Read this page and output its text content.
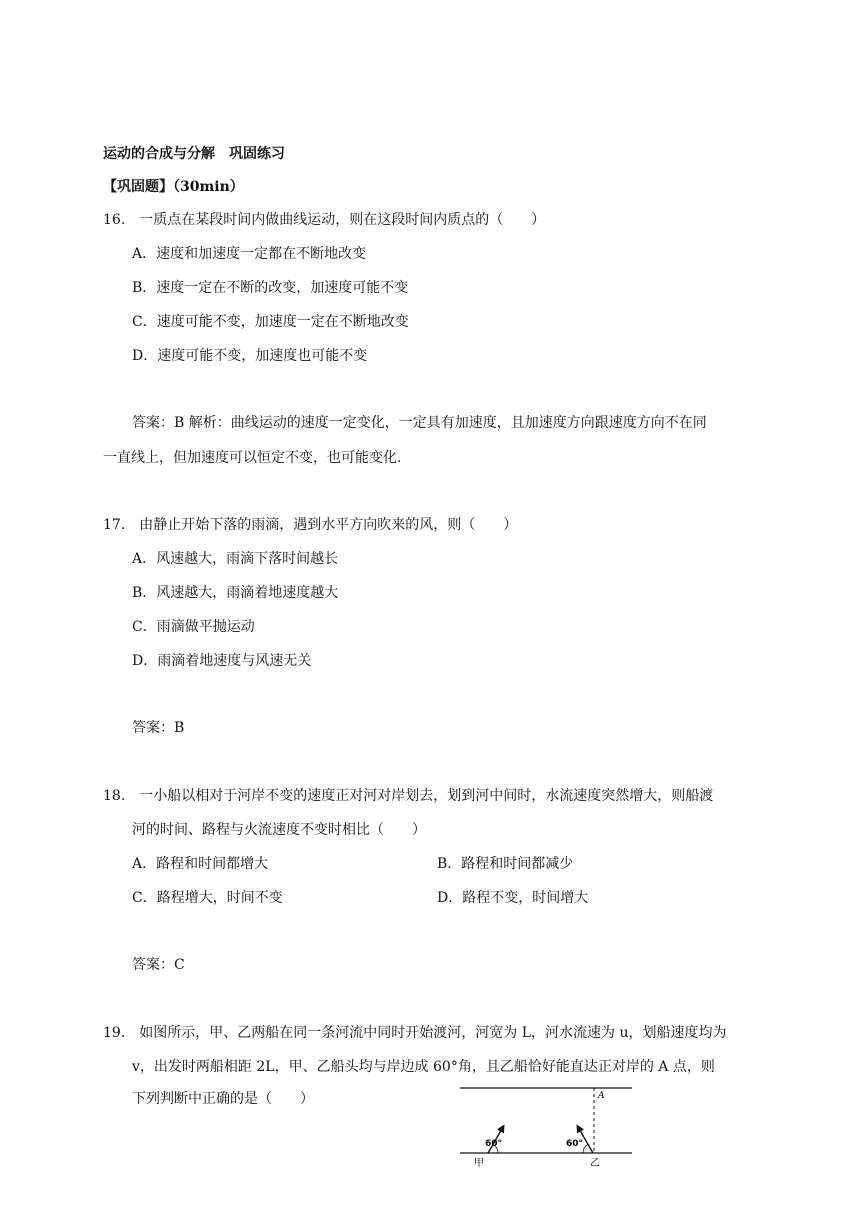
运动的合成与分解　巩固练习
【巩固题】（30min）
16.　一质点在某段时间内做曲线运动，则在这段时间内质点的（　　）
A．速度和加速度一定都在不断地改变
B．速度一定在不断的改变，加速度可能不变
C．速度可能不变，加速度一定在不断地改变
D．速度可能不变，加速度也可能不变
答案：B 解析：曲线运动的速度一定变化，一定具有加速度，且加速度方向跟速度方向不在同
一直线上，但加速度可以恒定不变，也可能变化.
17.　由静止开始下落的雨滴，遇到水平方向吹来的风，则（　　）
A．风速越大，雨滴下落时间越长
B．风速越大，雨滴着地速度越大
C．雨滴做平抛运动
D．雨滴着地速度与风速无关
答案：B
18.　一小船以相对于河岸不变的速度正对河对岸划去，划到河中间时，水流速度突然增大，则船渡
河的时间、路程与火流速度不变时相比（　　）
A．路程和时间都增大	B．路程和时间都减少
C．路程增大，时间不变	D．路程不变，时间增大
答案：C
19.　如图所示，甲、乙两船在同一条河流中同时开始渡河，河宽为 L，河水流速为 u，划船速度均为
v，出发时两船相距 2L，甲、乙船头均与岸边成 60°角，且乙船恰好能直达正对岸的 A 点，则
下列判断中正确的是（　　）	A
60°
甲
60°
乙
